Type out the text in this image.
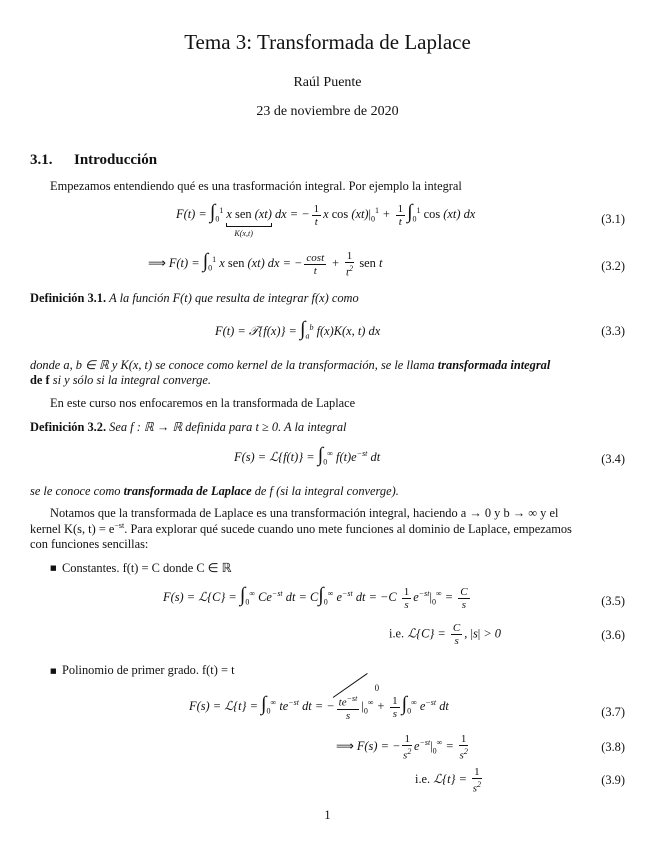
Tema 3: Transformada de Laplace
Raúl Puente
23 de noviembre de 2020
3.1. Introducción
Empezamos entendiendo qué es una trasformación integral. Por ejemplo la integral
$F(t) = \int_0^1$ x sen (xt)
K(x,t)
dx = − $\frac{1}{t}$ x $\cos (xt)|_0^1 + \frac{1}{t} \int_0^1$ cos (xt) dx	(3.1)
⟹ $F(t) = \int_0^1$ x sen (xt) dx = − $\frac{\cos t}{t} + \frac{1}{t^2}$ sen t	(3.2)
Definición 3.1. A la función F(t) que resulta de integrar f(x) como
F(t) = 𝒯{f(x)} = $\int_a^b$ f(x)K(x, t) dx	(3.3)
donde a, b ∈ ℝ y K(x, t) se conoce como kernel de la transformación, se le llama transformada integral
de f si y sólo si la integral converge.
En este curso nos enfocaremos en la transformada de Laplace
Definición 3.2. Sea f : ℝ → ℝ definida para t ≥ 0. A la integral
F(s) = ℒ{f(t)} = $\int_0^\infty$ $f(t)e^{-st}$ dt	(3.4)
se le conoce como transformada de Laplace de f (si la integral converge).
Notamos que la transformada de Laplace es una transformación integral, haciendo a → 0 y b → ∞ y el
kernel K(s, $t) = e^{-st}$. Para explorar qué sucede cuando uno mete funciones al dominio de Laplace, empezamos
con funciones sencillas:
■ Constantes. f(t) = C donde C ∈ ℝ
F(s) = ℒ{C} = $\int_0^\infty$ $Ce^{-st}$ dt = $C\int_0^\infty$ $e^{-st}$ dt = $-C \frac{1}{s} e^{-st}|_0^\infty = \frac{C}{s}$	(3.5)
i.e. ℒ{C} = $\frac{C}{s}$ , |s| > 0	(3.6)
■ Polinomio de primer grado. f(t) = t
F(s) = ℒ{t} = $\int_0^\infty$ $te^{-st}$ dt = − $\frac{te^{-st}}{s}$
0
$|_0^\infty + \frac{1}{s} \int_0^\infty$ $e^{-st}$ dt	(3.7)
⟹ F(s) = − $\frac{1}{s^2} e^{-st}|_0^\infty = \frac{1}{s^2}$	(3.8)
i.e. ℒ{t} = $\frac{1}{s^2}$	(3.9)
1
